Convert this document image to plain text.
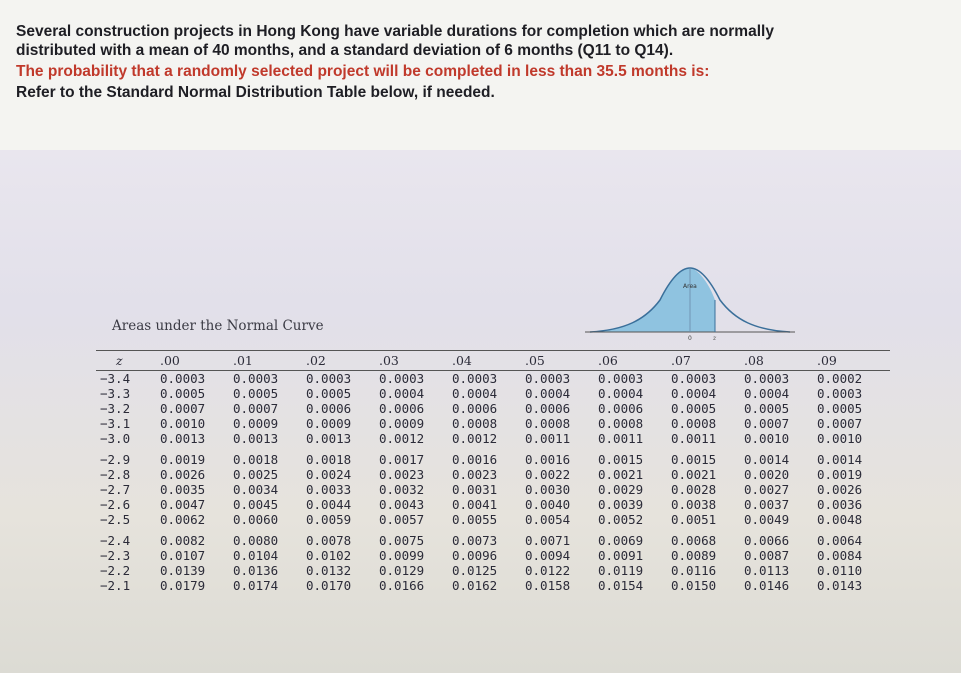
Several construction projects in Hong Kong have variable durations for completion which are normally

distributed with a mean of 40 months, and a standard deviation of 6 months (Q11 to Q14).

The probability that a randomly selected project will be completed in less than 35.5 months is:

Refer to the Standard Normal Distribution Table below, if needed.

Area
0	z
Areas under the Normal Curve
z	.00	.01	.02	.03	.04	.05	.06	.07	.08	.09
−3.4	0.0003	0.0003	0.0003	0.0003	0.0003	0.0003	0.0003	0.0003	0.0003	0.0002
−3.3	0.0005	0.0005	0.0005	0.0004	0.0004	0.0004	0.0004	0.0004	0.0004	0.0003
−3.2	0.0007	0.0007	0.0006	0.0006	0.0006	0.0006	0.0006	0.0005	0.0005	0.0005
−3.1	0.0010	0.0009	0.0009	0.0009	0.0008	0.0008	0.0008	0.0008	0.0007	0.0007
−3.0	0.0013	0.0013	0.0013	0.0012	0.0012	0.0011	0.0011	0.0011	0.0010	0.0010

−2.9	0.0019	0.0018	0.0018	0.0017	0.0016	0.0016	0.0015	0.0015	0.0014	0.0014
−2.8	0.0026	0.0025	0.0024	0.0023	0.0023	0.0022	0.0021	0.0021	0.0020	0.0019
−2.7	0.0035	0.0034	0.0033	0.0032	0.0031	0.0030	0.0029	0.0028	0.0027	0.0026
−2.6	0.0047	0.0045	0.0044	0.0043	0.0041	0.0040	0.0039	0.0038	0.0037	0.0036
−2.5	0.0062	0.0060	0.0059	0.0057	0.0055	0.0054	0.0052	0.0051	0.0049	0.0048

−2.4	0.0082	0.0080	0.0078	0.0075	0.0073	0.0071	0.0069	0.0068	0.0066	0.0064
−2.3	0.0107	0.0104	0.0102	0.0099	0.0096	0.0094	0.0091	0.0089	0.0087	0.0084
−2.2	0.0139	0.0136	0.0132	0.0129	0.0125	0.0122	0.0119	0.0116	0.0113	0.0110
−2.1	0.0179	0.0174	0.0170	0.0166	0.0162	0.0158	0.0154	0.0150	0.0146	0.0143
